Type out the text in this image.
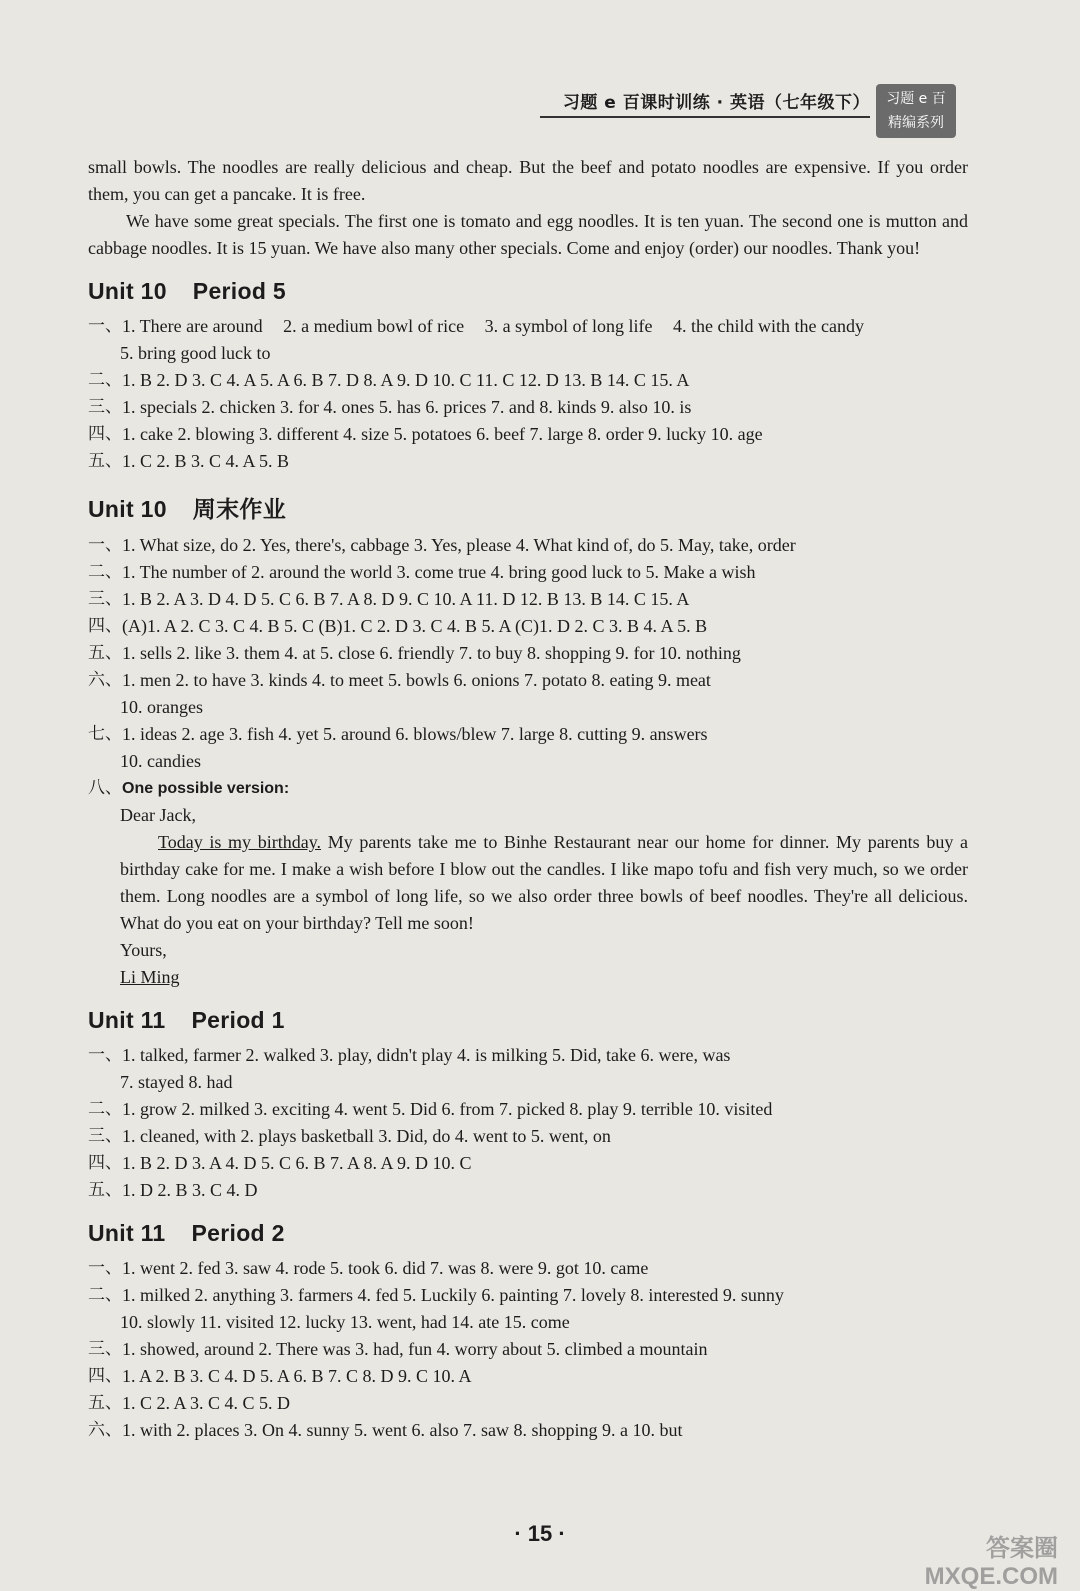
习题 e 百课时训练 · 英语（七年级下）	习题 e 百
精编系列

small bowls. The noodles are really delicious and cheap. But the beef and potato noodles are expensive. If you order them, you can get a pancake. It is free.

We have some great specials. The first one is tomato and egg noodles. It is ten yuan. The second one is mutton and cabbage noodles. It is 15 yuan. We have also many other specials. Come and enjoy (order) our noodles. Thank you!

Unit 10 Period 5
一、 1. There are around 2. a medium bowl of rice 3. a symbol of long life 4. the child with the candy
5. bring good luck to
二、 1. B 2. D 3. C 4. A 5. A 6. B 7. D 8. A 9. D 10. C 11. C 12. D 13. B 14. C 15. A
三、 1. specials 2. chicken 3. for 4. ones 5. has 6. prices 7. and 8. kinds 9. also 10. is
四、 1. cake 2. blowing 3. different 4. size 5. potatoes 6. beef 7. large 8. order 9. lucky 10. age
五、 1. C 2. B 3. C 4. A 5. B
Unit 10 周末作业
一、 1. What size, do 2. Yes, there's, cabbage 3. Yes, please 4. What kind of, do 5. May, take, order
二、 1. The number of 2. around the world 3. come true 4. bring good luck to 5. Make a wish
三、 1. B 2. A 3. D 4. D 5. C 6. B 7. A 8. D 9. C 10. A 11. D 12. B 13. B 14. C 15. A
四、 (A)1. A 2. C 3. C 4. B 5. C (B)1. C 2. D 3. C 4. B 5. A (C)1. D 2. C 3. B 4. A 5. B
五、 1. sells 2. like 3. them 4. at 5. close 6. friendly 7. to buy 8. shopping 9. for 10. nothing
六、 1. men 2. to have 3. kinds 4. to meet 5. bowls 6. onions 7. potato 8. eating 9. meat
10. oranges
七、 1. ideas 2. age 3. fish 4. yet 5. around 6. blows/blew 7. large 8. cutting 9. answers
10. candies
八、 One possible version:
Dear Jack,

Today is my birthday. My parents take me to Binhe Restaurant near our home for dinner. My parents buy a birthday cake for me. I make a wish before I blow out the candles. I like mapo tofu and fish very much, so we order them. Long noodles are a symbol of long life, so we also order three bowls of beef noodles. They're all delicious. What do you eat on your birthday? Tell me soon!

Yours,
Li Ming
Unit 11 Period 1
一、 1. talked, farmer 2. walked 3. play, didn't play 4. is milking 5. Did, take 6. were, was
7. stayed 8. had
二、 1. grow 2. milked 3. exciting 4. went 5. Did 6. from 7. picked 8. play 9. terrible 10. visited
三、 1. cleaned, with 2. plays basketball 3. Did, do 4. went to 5. went, on
四、 1. B 2. D 3. A 4. D 5. C 6. B 7. A 8. A 9. D 10. C
五、 1. D 2. B 3. C 4. D
Unit 11 Period 2
一、 1. went 2. fed 3. saw 4. rode 5. took 6. did 7. was 8. were 9. got 10. came
二、 1. milked 2. anything 3. farmers 4. fed 5. Luckily 6. painting 7. lovely 8. interested 9. sunny
10. slowly 11. visited 12. lucky 13. went, had 14. ate 15. come
三、 1. showed, around 2. There was 3. had, fun 4. worry about 5. climbed a mountain
四、 1. A 2. B 3. C 4. D 5. A 6. B 7. C 8. D 9. C 10. A
五、 1. C 2. A 3. C 4. C 5. D
六、 1. with 2. places 3. On 4. sunny 5. went 6. also 7. saw 8. shopping 9. a 10. but
· 15 ·
答案圈 MXQE.COM
